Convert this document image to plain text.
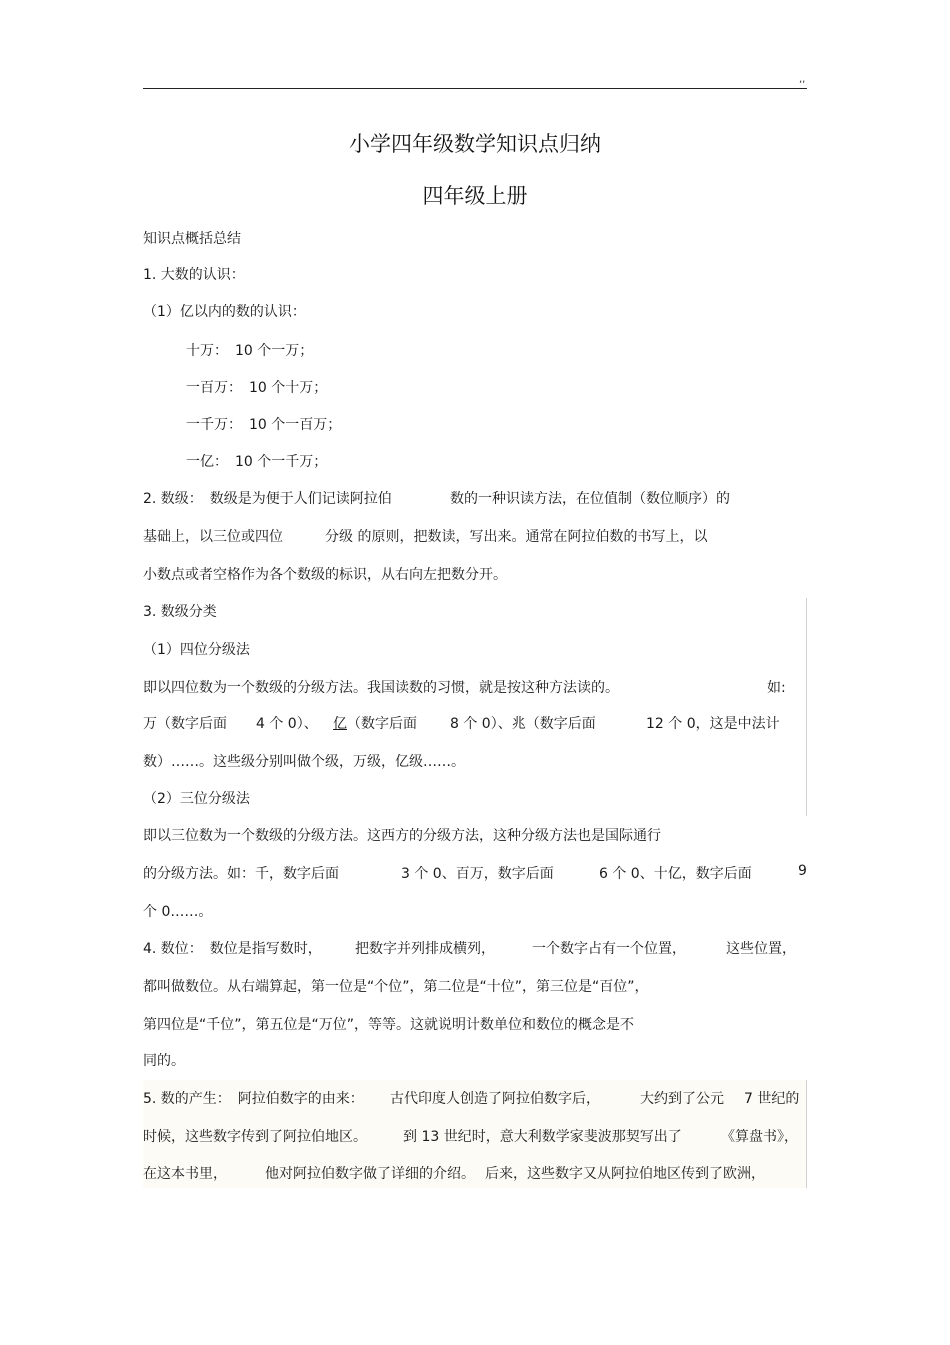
,,
小学四年级数学知识点归纳
四年级上册
知识点概括总结
1. 大数的认识：
（1）亿以内的数的认识：
十万：　10 个一万；
一百万：　10 个十万；
一千万：　10 个一百万；
一亿：　10 个一千万；
2. 数级：　数级是为便于人们记读阿拉伯	数的一种识读方法，在位值制（数位顺序）的
基础上，以三位或四位	分级 的原则，把数读，写出来。通常在阿拉伯数的书写上，以
小数点或者空格作为各个数级的标识，从右向左把数分开。
3. 数级分类
（1）四位分级法
即以四位数为一个数级的分级方法。我国读数的习惯，就是按这种方法读的。	如:
万（数字后面 4 个 0）、 亿 （数字后面 8 个 0）、兆（数字后面	12 个 0，这是中法计
数）……。这些级分别叫做个级，万级，亿级……。
（2）三位分级法
即以三位数为一个数级的分级方法。这西方的分级方法，这种分级方法也是国际通行
的分级方法。如：千，数字后面	3 个 0、百万，数字后面	6 个 0、十亿，数字后面	9
个 0……。
4. 数位：　数位是指写数时， 把数字并列排成横列，	一个数字占有一个位置，	这些位置，
都叫做数位。从右端算起，第一位是“个位”，第二位是“十位”，第三位是“百位”，
第四位是“千位”，第五位是“万位”，等等。这就说明计数单位和数位的概念是不
同的。
5. 数的产生：　阿拉伯数字的由来： 古代印度人创造了阿拉伯数字后，	大约到了公元 7 世纪的
时候，这些数字传到了阿拉伯地区。	到 13 世纪时，意大利数学家斐波那契写出了	《算盘书》，
在这本书里，	他对阿拉伯数字做了详细的介绍。 后来，这些数字又从阿拉伯地区传到了欧洲，
